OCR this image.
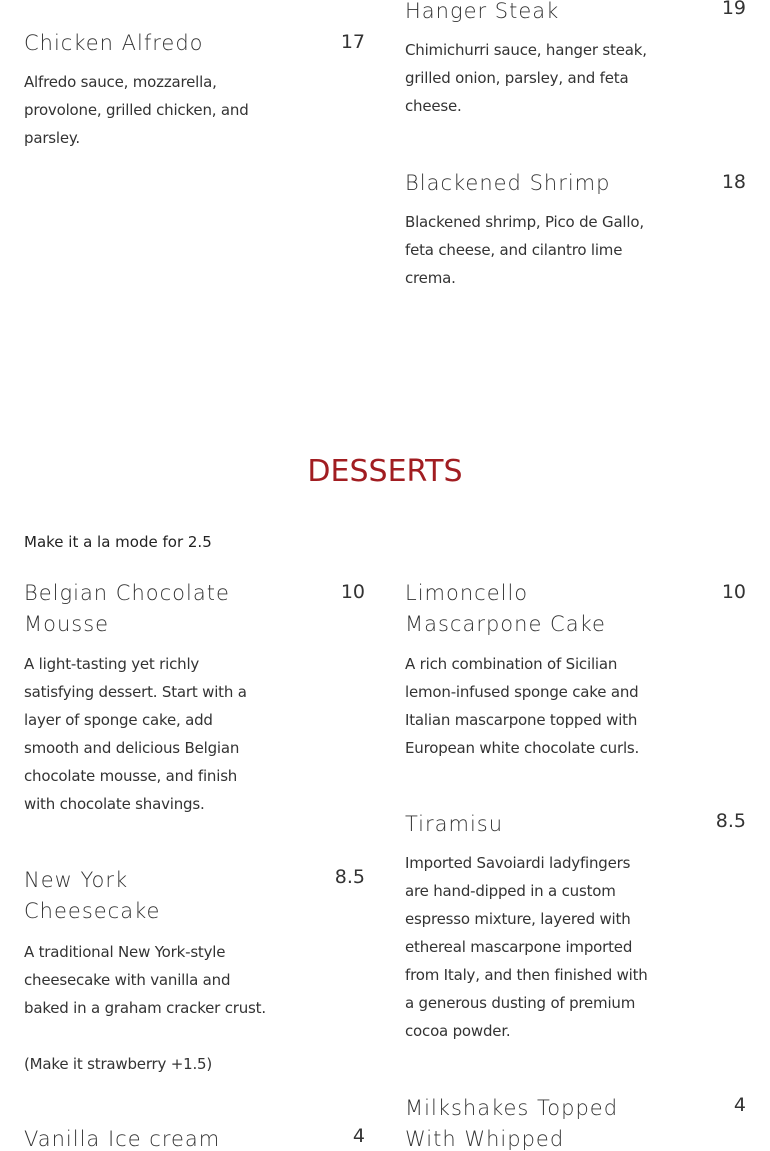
Chicken Alfredo	17

Alfredo sauce, mozzarella, provolone, grilled chicken, and parsley.

Hanger Steak	19

Chimichurri sauce, hanger steak, grilled onion, parsley, and feta cheese.

Blackened Shrimp	18

Blackened shrimp, Pico de Gallo, feta cheese, and cilantro lime crema.

DESSERTS
Make it a la mode for 2.5
Belgian Chocolate Mousse
10

A light-tasting yet richly satisfying dessert. Start with a layer of sponge cake, add smooth and delicious Belgian chocolate mousse, and finish with chocolate shavings.

Limoncello Mascarpone Cake
10

A rich combination of Sicilian lemon-infused sponge cake and Italian mascarpone topped with European white chocolate curls.

Tiramisu	8.5

Imported Savoiardi ladyfingers are hand-dipped in a custom espresso mixture, layered with ethereal mascarpone imported from Italy, and then finished with a generous dusting of premium cocoa powder.

New York Cheesecake
8.5

A traditional New York-style cheesecake with vanilla and baked in a graham cracker crust.

(Make it strawberry +1.5)
Milkshakes Topped With Whipped
4
Vanilla Ice cream	4
